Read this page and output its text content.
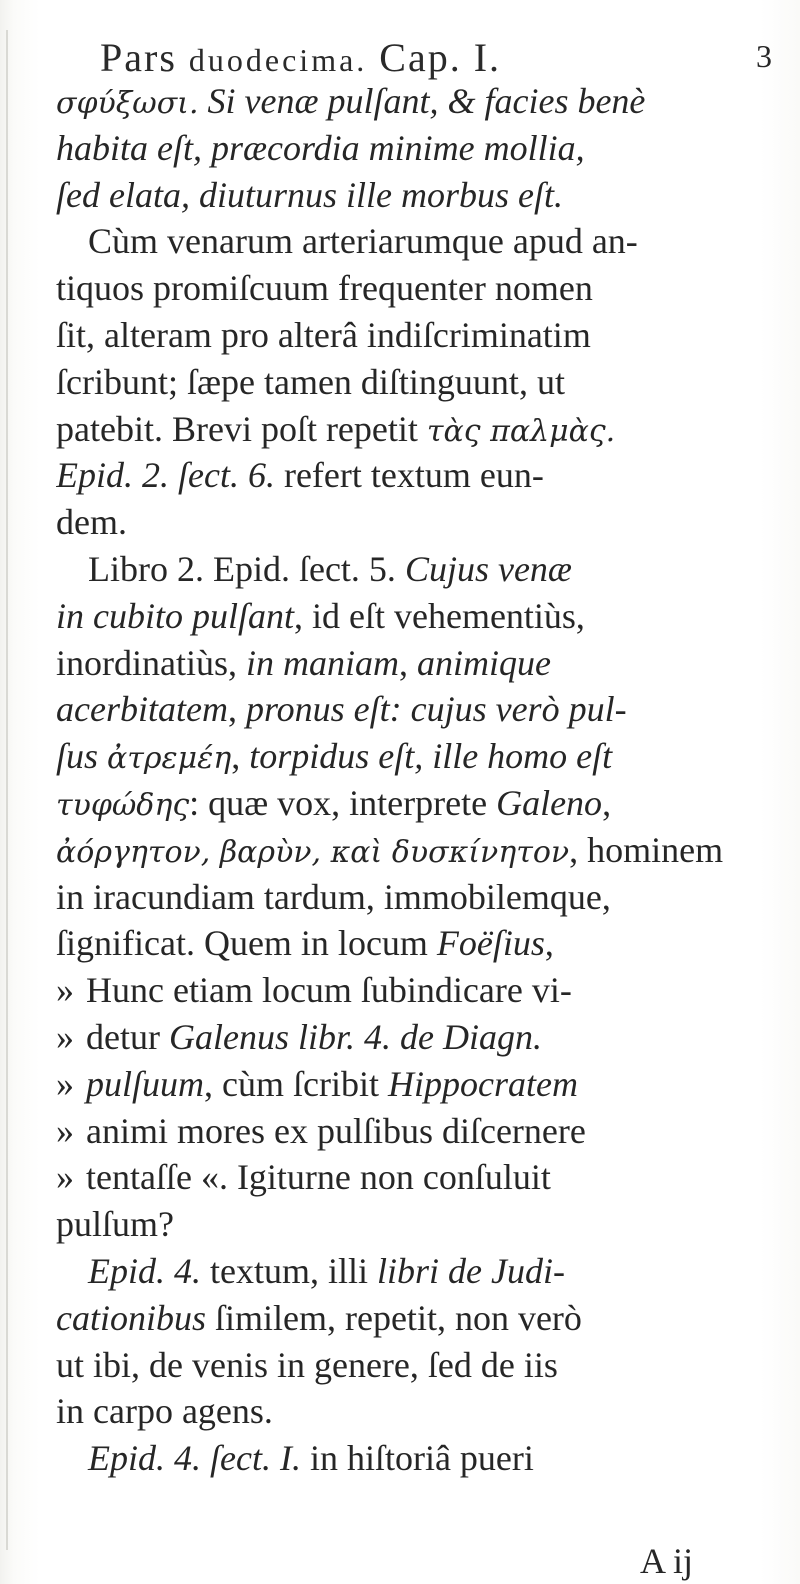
Pars duodecima. Cap. I.	3
σφύξωσι. Si venæ pulſant, & facies benè
habita eſt, præcordia minime mollia,
ſed elata, diuturnus ille morbus eſt.
Cùm venarum arteriarumque apud an-
tiquos promiſcuum frequenter nomen
ſit, alteram pro alterâ indiſcriminatim
ſcribunt; ſæpe tamen diſtinguunt, ut
patebit. Brevi poſt repetit τὰς παλμὰς.
Epid. 2. ſect. 6. refert textum eun-
dem.
Libro 2. Epid. ſect. 5. Cujus venæ
in cubito pulſant, id eſt vehementiùs,
inordinatiùs, in maniam, animique
acerbitatem, pronus eſt: cujus verò pul-
ſus ἀτρεμέη, torpidus eſt, ille homo eſt
τυφώδης: quæ vox, interprete Galeno,
ἀόργητον, βαρὺν, καὶ δυσκίνητον, hominem
in iracundiam tardum, immobilemque,
ſignificat. Quem in locum Foëſius,
» Hunc etiam locum ſubindicare vi-
» detur Galenus libr. 4. de Diagn.
» pulſuum, cùm ſcribit Hippocratem
» animi mores ex pulſibus diſcernere
» tentaſſe «. Igiturne non conſuluit
pulſum?
Epid. 4. textum, illi libri de Judi-
cationibus ſimilem, repetit, non verò
ut ibi, de venis in genere, ſed de iis
in carpo agens.
Epid. 4. ſect. I. in hiſtoriâ pueri
A ij
